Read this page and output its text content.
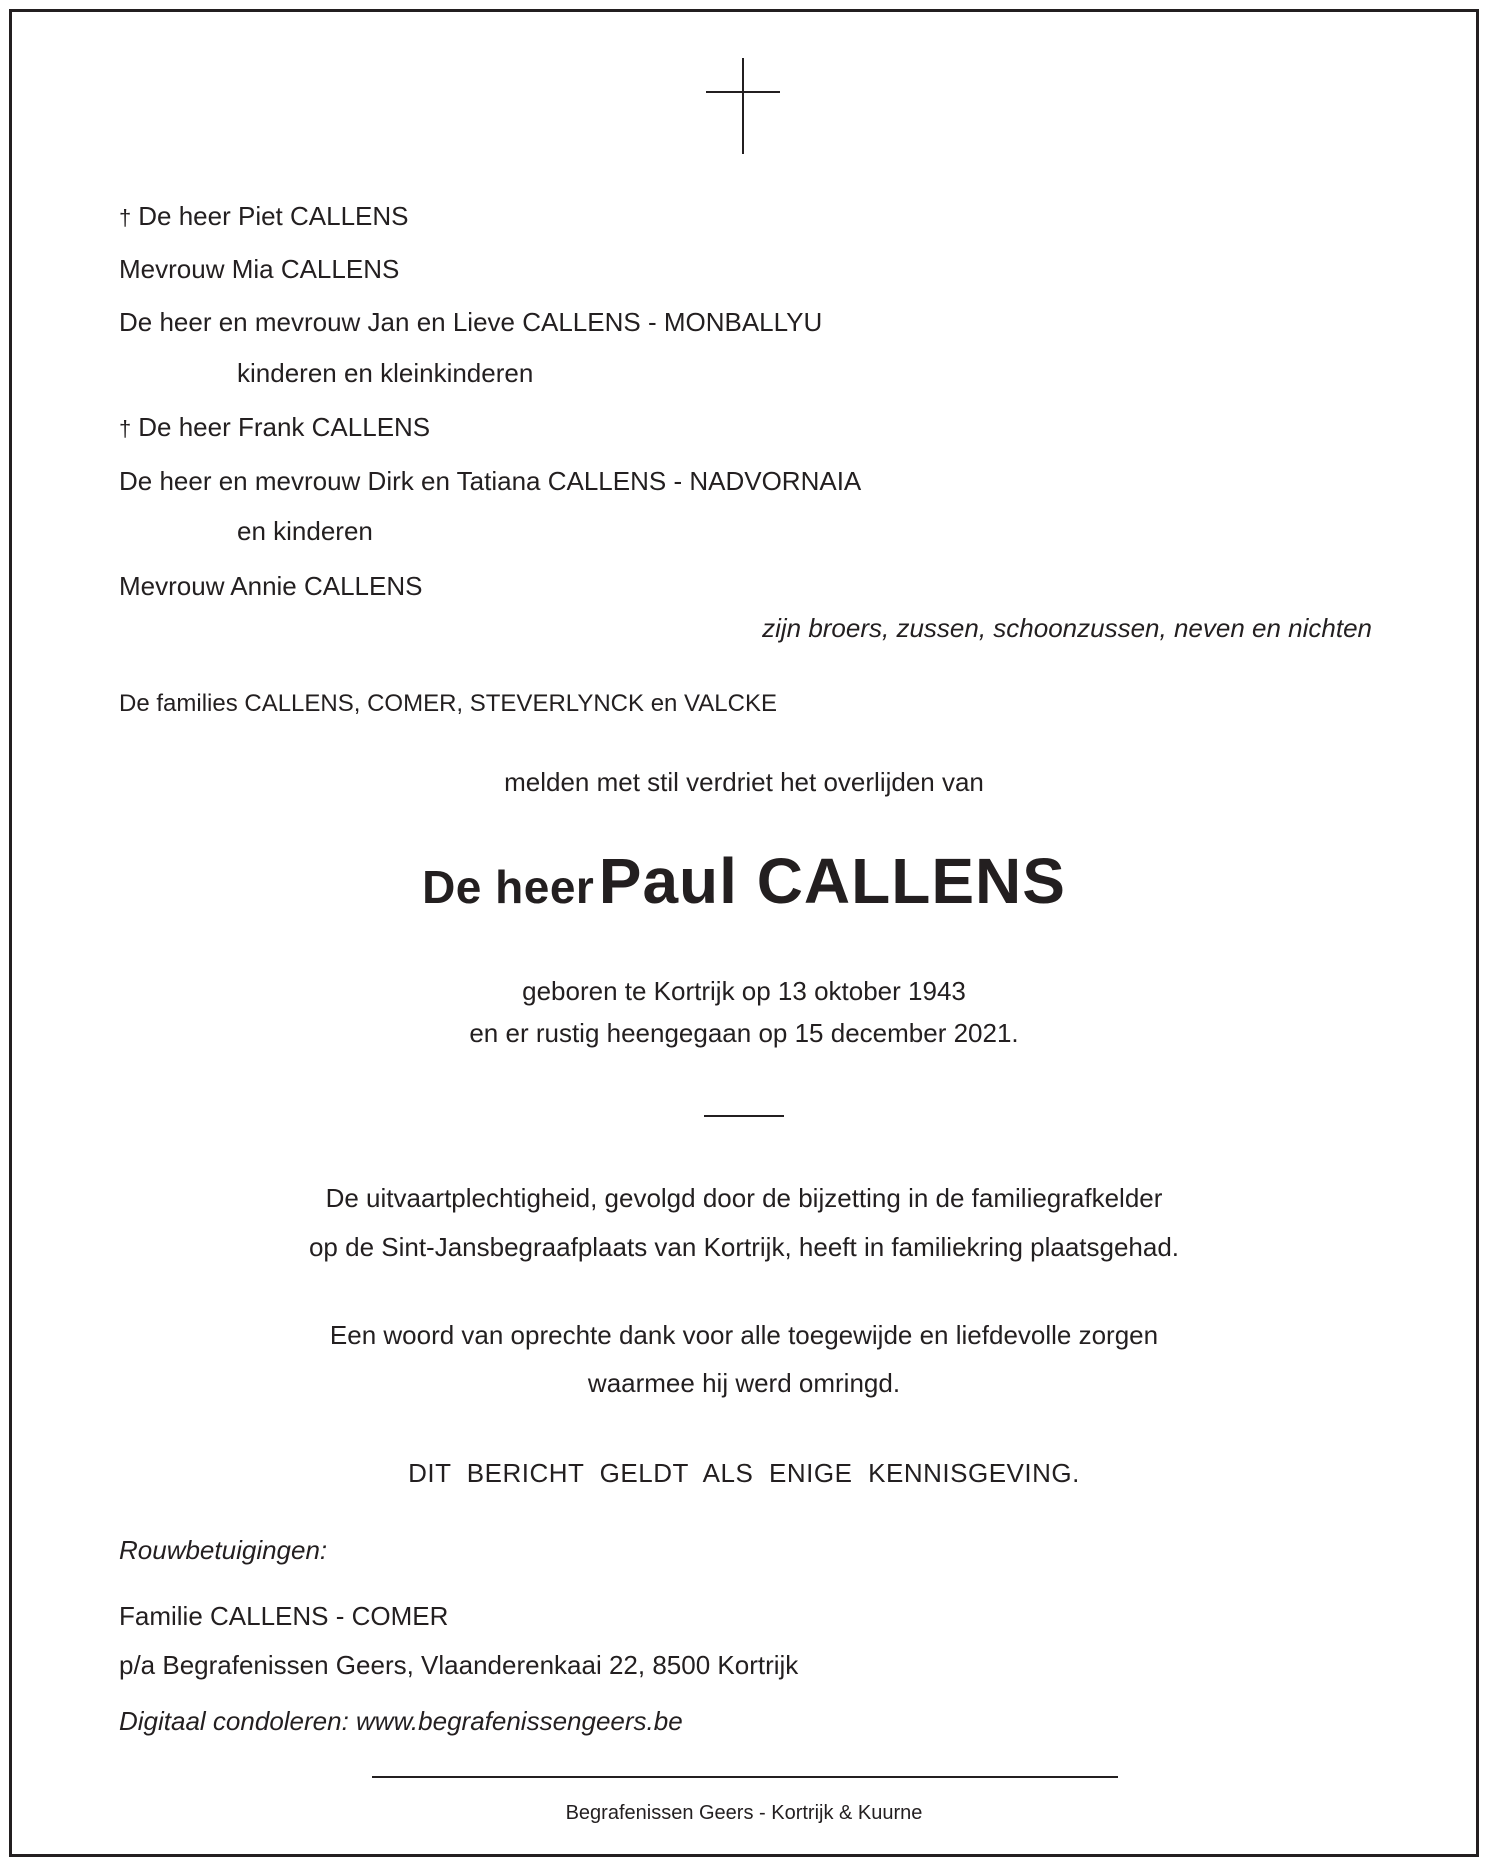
† De heer Piet CALLENS
Mevrouw Mia CALLENS
De heer en mevrouw Jan en Lieve CALLENS - MONBALLYU
kinderen en kleinkinderen
† De heer Frank CALLENS
De heer en mevrouw Dirk en Tatiana CALLENS - NADVORNAIA
en kinderen
Mevrouw Annie CALLENS
zijn broers, zussen, schoonzussen, neven en nichten
De families CALLENS, COMER, STEVERLYNCK en VALCKE
melden met stil verdriet het overlijden van
De heer Paul CALLENS
geboren te Kortrijk op 13 oktober 1943
en er rustig heengegaan op 15 december 2021.
De uitvaartplechtigheid, gevolgd door de bijzetting in de familiegrafkelder
op de Sint-Jansbegraafplaats van Kortrijk, heeft in familiekring plaatsgehad.
Een woord van oprechte dank voor alle toegewijde en liefdevolle zorgen
waarmee hij werd omringd.
DIT BERICHT GELDT ALS ENIGE KENNISGEVING.
Rouwbetuigingen:
Familie CALLENS - COMER
p/a Begrafenissen Geers, Vlaanderenkaai 22, 8500 Kortrijk
Digitaal condoleren: www.begrafenissengeers.be
Begrafenissen Geers - Kortrijk & Kuurne
